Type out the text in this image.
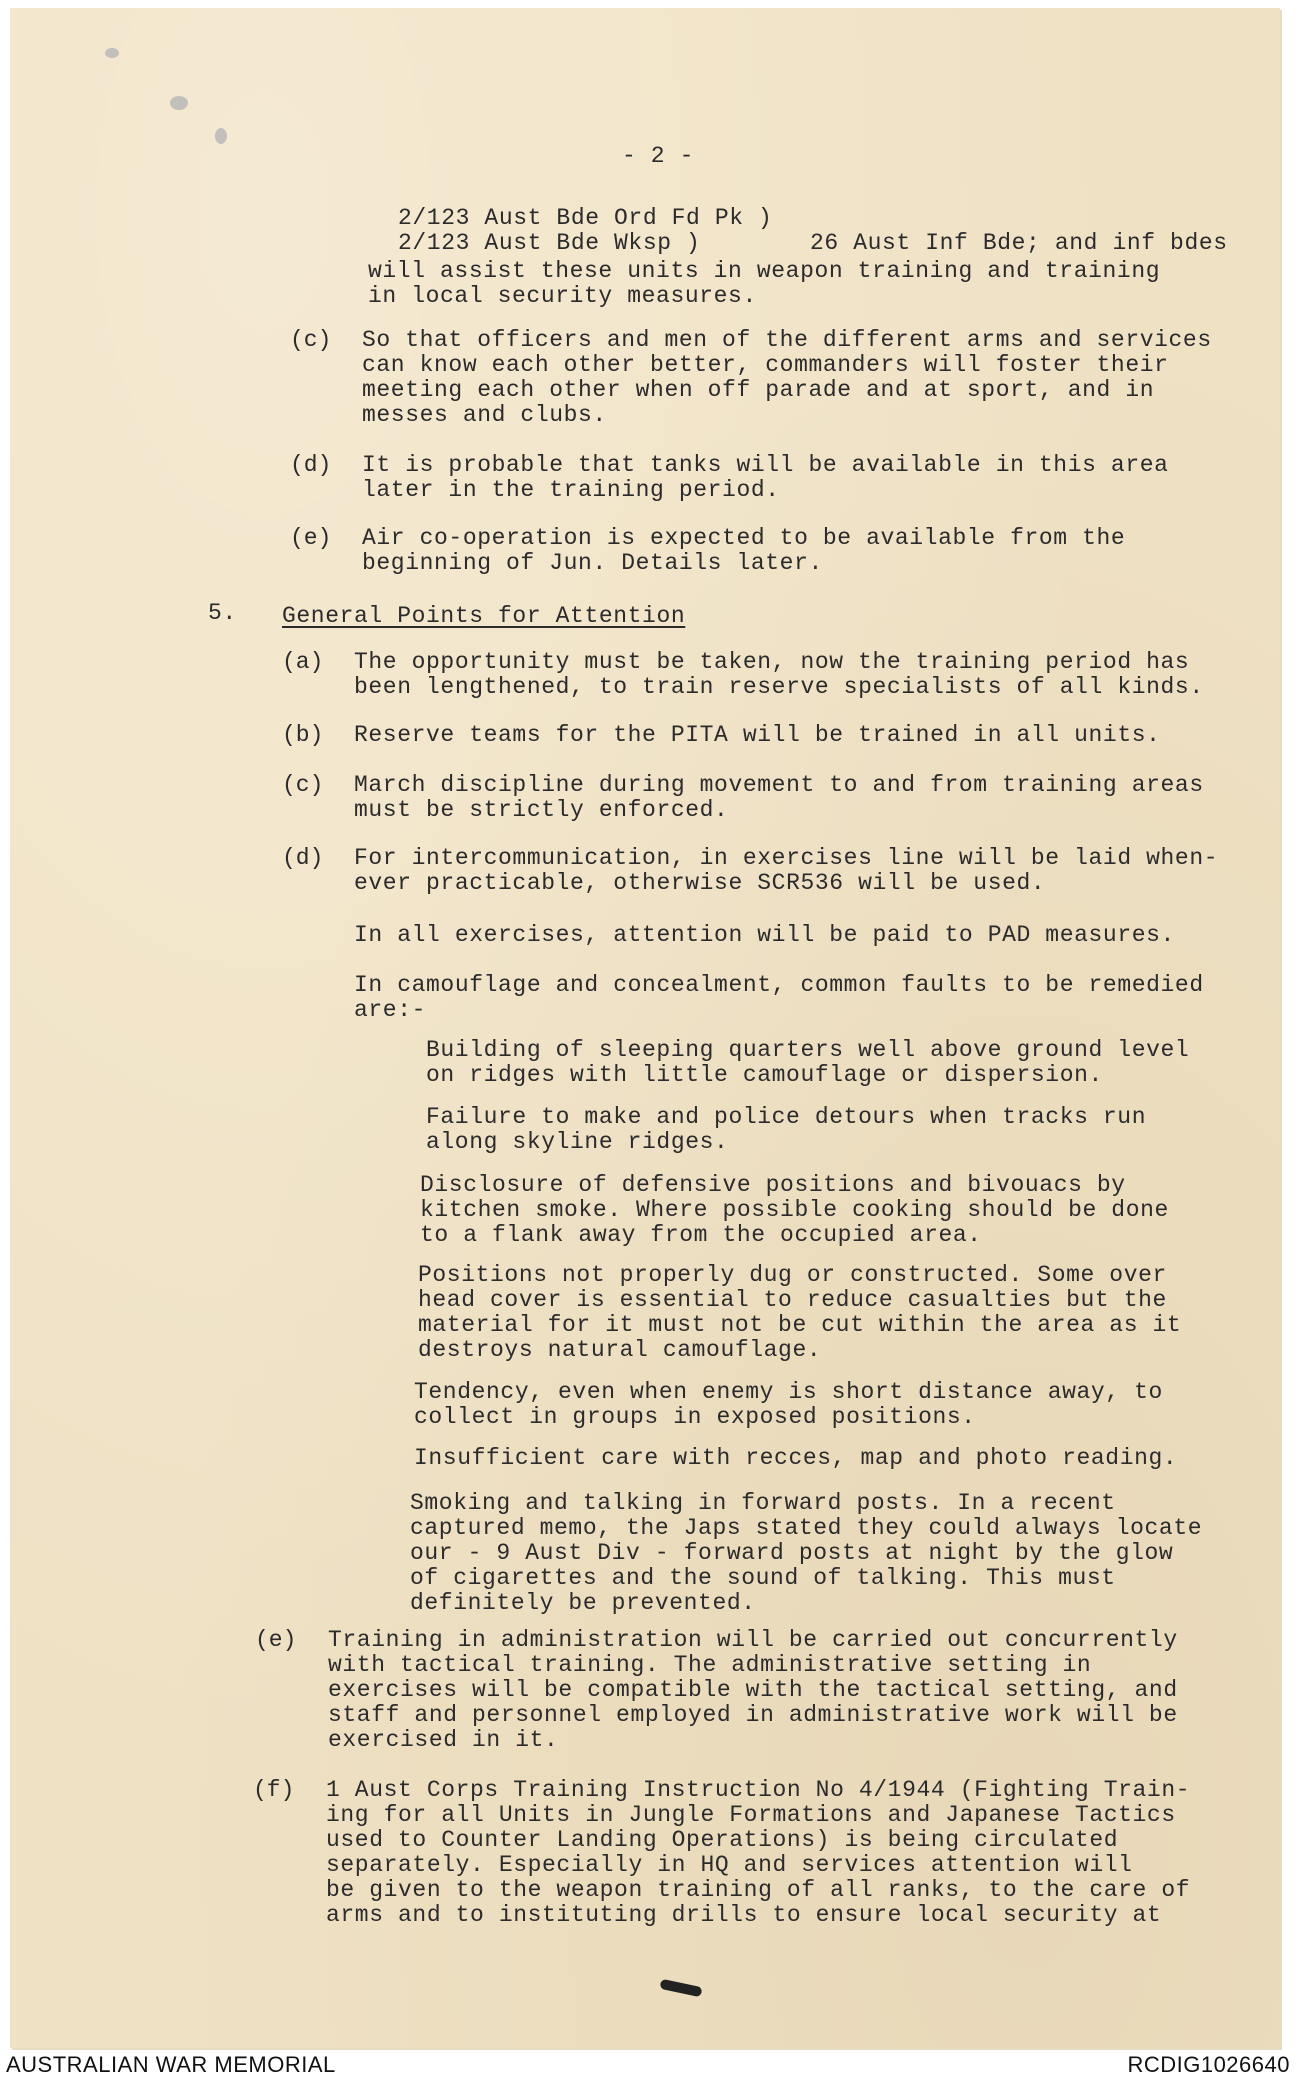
- 2 -
2/123 Aust Bde Ord Fd Pk )
2/123 Aust Bde Wksp )	26 Aust Inf Bde; and inf bdes
will assist these units in weapon training and training
in local security measures.
(c) So that officers and men of the different arms and services
can know each other better, commanders will foster their
meeting each other when off parade and at sport, and in
messes and clubs.
(d) It is probable that tanks will be available in this area
later in the training period.
(e) Air co-operation is expected to be available from the
beginning of Jun. Details later.
5. General Points for Attention
(a) The opportunity must be taken, now the training period has
been lengthened, to train reserve specialists of all kinds.
(b) Reserve teams for the PITA will be trained in all units.
(c) March discipline during movement to and from training areas
must be strictly enforced.
(d) For intercommunication, in exercises line will be laid when-
ever practicable, otherwise SCR536 will be used.
In all exercises, attention will be paid to PAD measures.
In camouflage and concealment, common faults to be remedied
are:-
Building of sleeping quarters well above ground level
on ridges with little camouflage or dispersion.
Failure to make and police detours when tracks run
along skyline ridges.
Disclosure of defensive positions and bivouacs by
kitchen smoke. Where possible cooking should be done
to a flank away from the occupied area.
Positions not properly dug or constructed. Some over
head cover is essential to reduce casualties but the
material for it must not be cut within the area as it
destroys natural camouflage.
Tendency, even when enemy is short distance away, to
collect in groups in exposed positions.
Insufficient care with recces, map and photo reading.
Smoking and talking in forward posts. In a recent
captured memo, the Japs stated they could always locate
our - 9 Aust Div - forward posts at night by the glow
of cigarettes and the sound of talking. This must
definitely be prevented.
(e) Training in administration will be carried out concurrently
with tactical training. The administrative setting in
exercises will be compatible with the tactical setting, and
staff and personnel employed in administrative work will be
exercised in it.
(f) 1 Aust Corps Training Instruction No 4/1944 (Fighting Train-
ing for all Units in Jungle Formations and Japanese Tactics
used to Counter Landing Operations) is being circulated
separately. Especially in HQ and services attention will
be given to the weapon training of all ranks, to the care of
arms and to instituting drills to ensure local security at
AUSTRALIAN WAR MEMORIAL	RCDIG1026640
